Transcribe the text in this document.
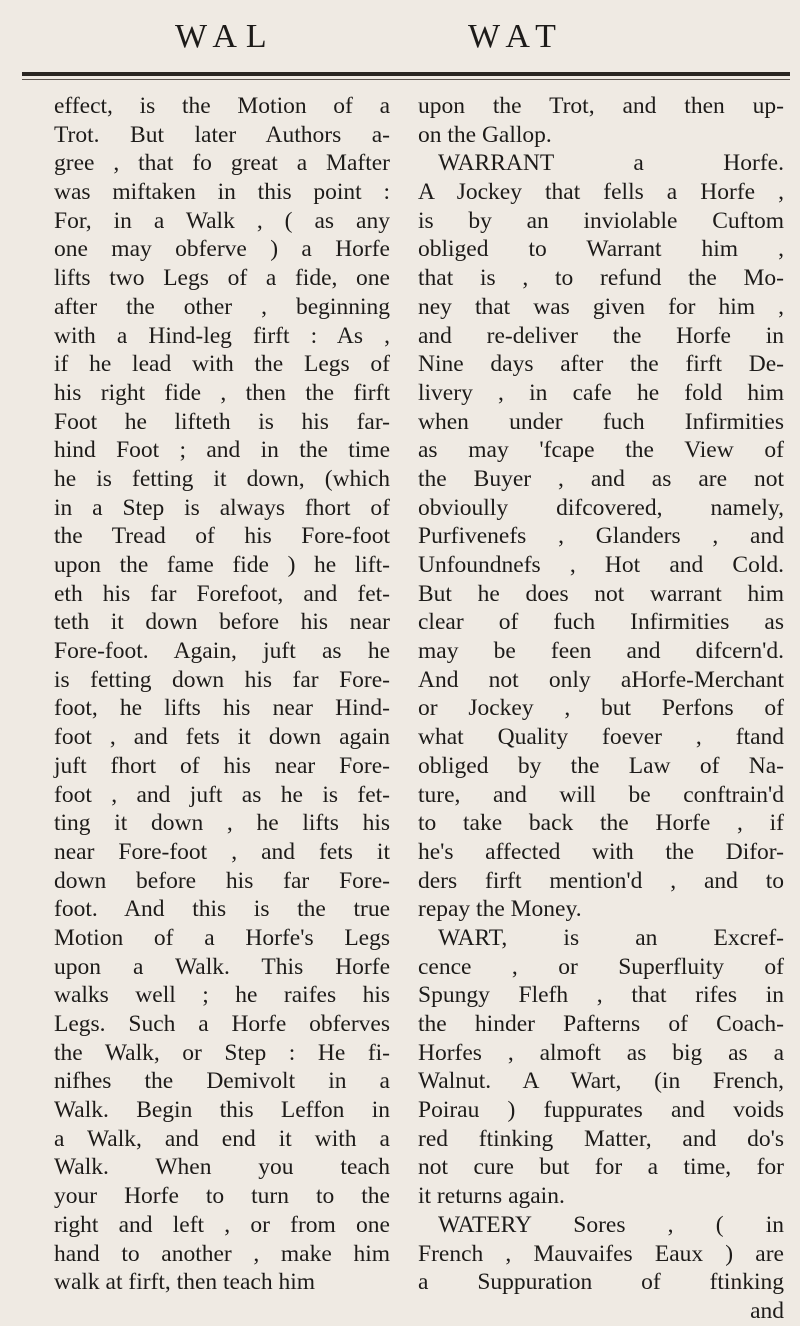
WAL	WAT
effect, is the Motion of a
Trot. But later Authors a-
gree , that fo great a Mafter
was miftaken in this point :
For, in a Walk , ( as any
one may obferve ) a Horfe
lifts two Legs of a fide, one
after the other , beginning
with a Hind-leg firft : As ,
if he lead with the Legs of
his right fide , then the firft
Foot he lifteth is his far-
hind Foot ; and in the time
he is fetting it down, (which
in a Step is always fhort of
the Tread of his Fore-foot
upon the fame fide ) he lift-
eth his far Forefoot, and fet-
teth it down before his near
Fore-foot. Again, juft as he
is fetting down his far Fore-
foot, he lifts his near Hind-
foot , and fets it down again
juft fhort of his near Fore-
foot , and juft as he is fet-
ting it down , he lifts his
near Fore-foot , and fets it
down before his far Fore-
foot. And this is the true
Motion of a Horfe's Legs
upon a Walk. This Horfe
walks well ; he raifes his
Legs. Such a Horfe obferves
the Walk, or Step : He fi-
nifhes the Demivolt in a
Walk. Begin this Leffon in
a Walk, and end it with a
Walk. When you teach
your Horfe to turn to the
right and left , or from one
hand to another , make him
walk at firft, then teach him
upon the Trot, and then up-
on the Gallop.
WARRANT a Horfe.
A Jockey that fells a Horfe ,
is by an inviolable Cuftom
obliged to Warrant him ,
that is , to refund the Mo-
ney that was given for him ,
and re-deliver the Horfe in
Nine days after the firft De-
livery , in cafe he fold him
when under fuch Infirmities
as may 'fcape the View of
the Buyer , and as are not
obvioully difcovered, namely,
Purfivenefs , Glanders , and
Unfoundnefs , Hot and Cold.
But he does not warrant him
clear of fuch Infirmities as
may be feen and difcern'd.
And not only aHorfe-Merchant
or Jockey , but Perfons of
what Quality foever , ftand
obliged by the Law of Na-
ture, and will be conftrain'd
to take back the Horfe , if
he's affected with the Difor-
ders firft mention'd , and to
repay the Money.
WART, is an Excref-
cence , or Superfluity of
Spungy Flefh , that rifes in
the hinder Pafterns of Coach-
Horfes , almoft as big as a
Walnut. A Wart, (in French,
Poirau ) fuppurates and voids
red ftinking Matter, and do's
not cure but for a time, for
it returns again.
WATERY Sores , ( in
French , Mauvaifes Eaux ) are
a Suppuration of ftinking
and
